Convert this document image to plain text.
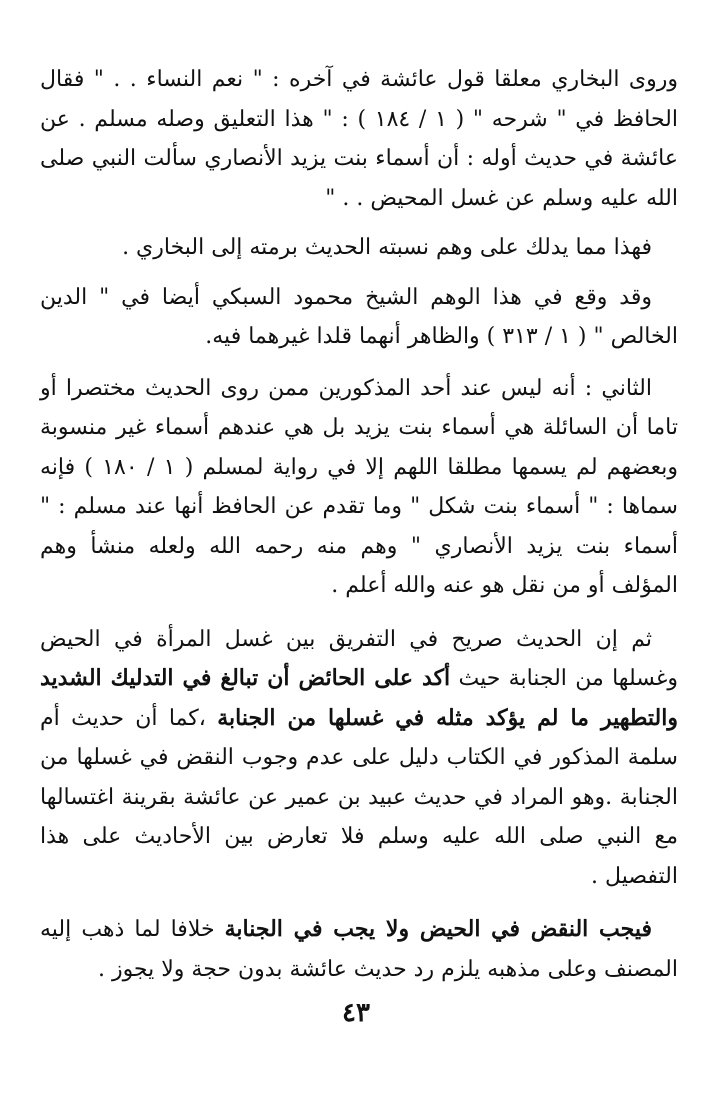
وروى البخاري معلقا قول عائشة في آخره : " نعم النساء . . " فقال الحافظ في " شرحه " ( ١ / ١٨٤ ) : " هذا التعليق وصله مسلم . عن عائشة في حديث أوله : أن أسماء بنت يزيد الأنصاري سألت النبي صلى الله عليه وسلم عن غسل المحيض . . "

فهذا مما يدلك على وهم نسبته الحديث برمته إلى البخاري .

وقد وقع في هذا الوهم الشيخ محمود السبكي أيضا في " الدين الخالص " ( ١ / ٣١٣ ) والظاهر أنهما قلدا غيرهما فيه.

الثاني : أنه ليس عند أحد المذكورين ممن روى الحديث مختصرا أو تاما أن السائلة هي أسماء بنت يزيد بل هي عندهم أسماء غير منسوبة وبعضهم لم يسمها مطلقا اللهم إلا في رواية لمسلم ( ١ / ١٨٠ ) فإنه سماها : " أسماء بنت شكل " وما تقدم عن الحافظ أنها عند مسلم : " أسماء بنت يزيد الأنصاري " وهم منه رحمه الله ولعله منشأ وهم المؤلف أو من نقل هو عنه والله أعلم .

ثم إن الحديث صريح في التفريق بين غسل المرأة في الحيض وغسلها من الجنابة حيث أكد على الحائض أن تبالغ في التدليك الشديد والتطهير ما لم يؤكد مثله في غسلها من الجنابة ،كما أن حديث أم سلمة المذكور في الكتاب دليل على عدم وجوب النقض في غسلها من الجنابة .وهو المراد في حديث عبيد بن عمير عن عائشة بقرينة اغتسالها مع النبي صلى الله عليه وسلم فلا تعارض بين الأحاديث على هذا التفصيل .

فيجب النقض في الحيض ولا يجب في الجنابة خلافا لما ذهب إليه المصنف وعلى مذهبه يلزم رد حديث عائشة بدون حجة ولا يجوز .

٤٣
